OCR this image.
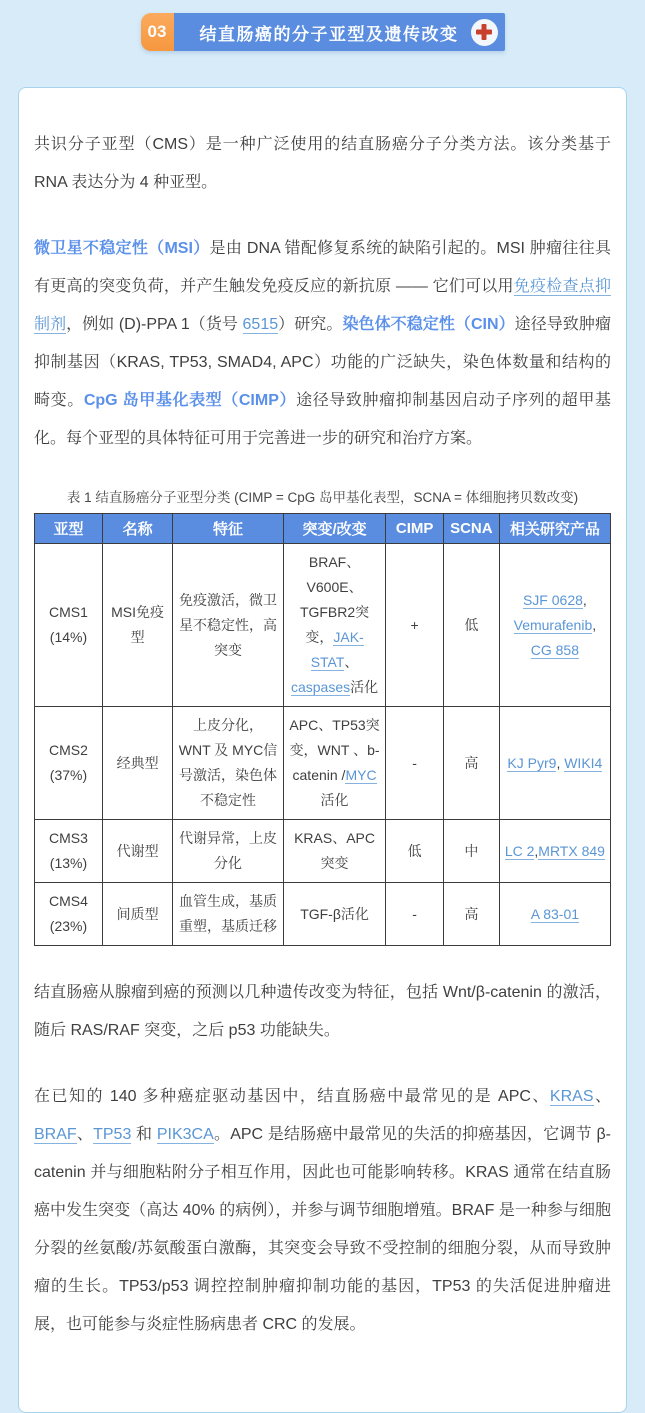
03	结直肠癌的分子亚型及遗传改变

共识分子亚型（CMS）是一种广泛使用的结直肠癌分子分类方法。该分类基于 RNA 表达分为 4 种亚型。

微卫星不稳定性（MSI）是由 DNA 错配修复系统的缺陷引起的。MSI 肿瘤往往具有更高的突变负荷，并产生触发免疫反应的新抗原 —— 它们可以用免疫检查点抑制剂，例如 (D)-PPA 1（货号 6515）研究。染色体不稳定性（CIN）途径导致肿瘤抑制基因（KRAS, TP53, SMAD4, APC）功能的广泛缺失，染色体数量和结构的畸变。CpG 岛甲基化表型（CIMP）途径导致肿瘤抑制基因启动子序列的超甲基化。每个亚型的具体特征可用于完善进一步的研究和治疗方案。

表 1 结直肠癌分子亚型分类 (CIMP = CpG 岛甲基化表型，SCNA = 体细胞拷贝数改变)
亚型	名称	特征	突变/改变	CIMP	SCNA	相关研究产品
CMS1 (14%)	MSI免疫型	免疫激活，微卫星不稳定性，高突变	BRAF、V600E、TGFBR2突变，JAK-STAT、caspases活化	+	低	SJF 0628, Vemurafenib, CG 858
CMS2 (37%)	经典型	上皮分化，WNT 及 MYC信号激活，染色体不稳定性	APC、TP53突变，WNT 、b-catenin /MYC 活化	-	高	KJ Pyr9, WIKI4
CMS3 (13%)	代谢型	代谢异常，上皮分化	KRAS、APC 突变	低	中	LC 2,MRTX 849
CMS4 (23%)	间质型	血管生成，基质重塑，基质迁移	TGF-β活化	-	高	A 83-01

结直肠癌从腺瘤到癌的预测以几种遗传改变为特征，包括 Wnt/β-catenin 的激活，随后 RAS/RAF 突变，之后 p53 功能缺失。

在已知的 140 多种癌症驱动基因中，结直肠癌中最常见的是 APC、KRAS、BRAF、TP53 和 PIK3CA。APC 是结肠癌中最常见的失活的抑癌基因，它调节 β-catenin 并与细胞粘附分子相互作用，因此也可能影响转移。KRAS 通常在结直肠癌中发生突变（高达 40% 的病例），并参与调节细胞增殖。BRAF 是一种参与细胞分裂的丝氨酸/苏氨酸蛋白激酶，其突变会导致不受控制的细胞分裂，从而导致肿瘤的生长。TP53/p53 调控控制肿瘤抑制功能的基因，TP53 的失活促进肿瘤进展，也可能参与炎症性肠病患者 CRC 的发展。
